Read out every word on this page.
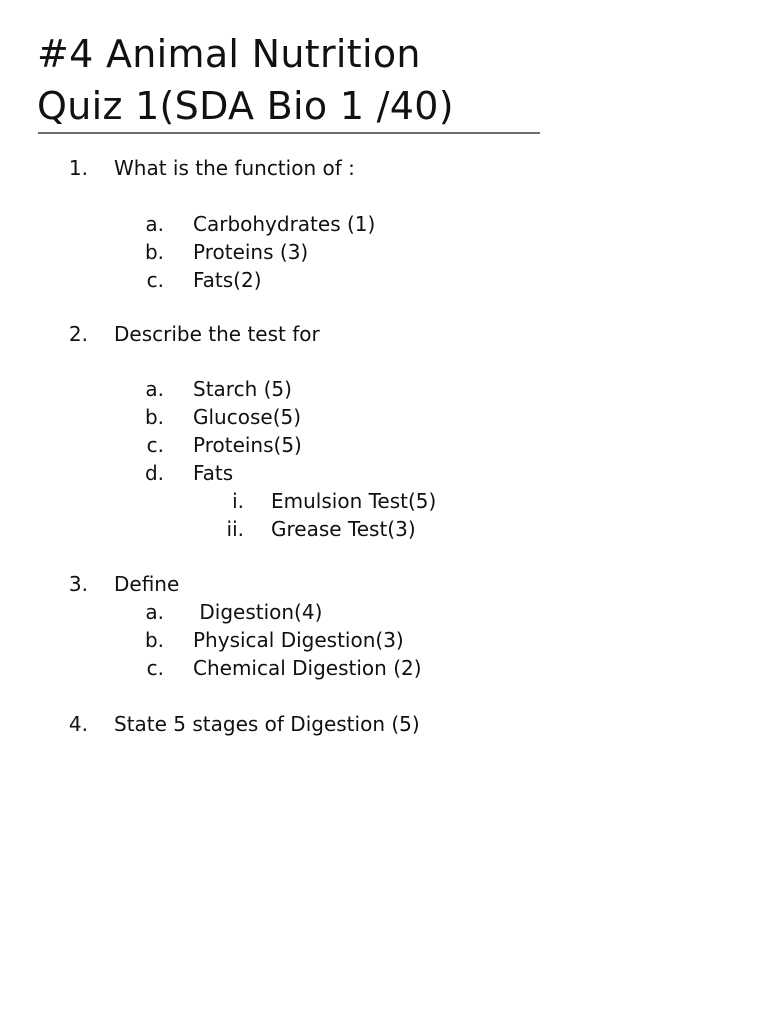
#4 Animal Nutrition
Quiz 1(SDA Bio 1 /40)
1. What is the function of :
a. Carbohydrates (1)
b. Proteins (3)
c. Fats(2)
2. Describe the test for
a. Starch (5)
b. Glucose(5)
c. Proteins(5)
d. Fats
i. Emulsion Test(5)
ii. Grease Test(3)
3. Define
a. Digestion(4)
b. Physical Digestion(3)
c. Chemical Digestion (2)
4. State 5 stages of Digestion (5)
